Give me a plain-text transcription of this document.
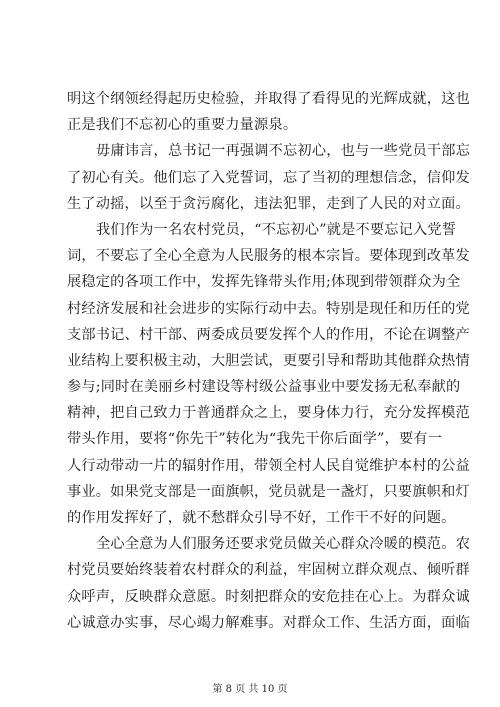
明这个纲领经得起历史检验，并取得了看得见的光辉成就，这也
正是我们不忘初心的重要力量源泉。

毋庸讳言，总书记一再强调不忘初心，也与一些党员干部忘
了初心有关。他们忘了入党誓词，忘了当初的理想信念，信仰发
生了动摇，以至于贪污腐化，违法犯罪，走到了人民的对立面。

我们作为一名农村党员，“不忘初心”就是不要忘记入党誓
词，不要忘了全心全意为人民服务的根本宗旨。要体现到改革发
展稳定的各项工作中，发挥先锋带头作用;体现到带领群众为全
村经济发展和社会进步的实际行动中去。特别是现任和历任的党
支部书记、村干部、两委成员要发挥个人的作用，不论在调整产
业结构上要积极主动，大胆尝试，更要引导和帮助其他群众热情
参与;同时在美丽乡村建设等村级公益事业中要发扬无私奉献的
精神，把自己致力于普通群众之上，要身体力行，充分发挥模范
带头作用，要将“你先干”转化为“我先干你后面学”，要有一
人行动带动一片的辐射作用，带领全村人民自觉维护本村的公益
事业。如果党支部是一面旗帜，党员就是一盏灯，只要旗帜和灯
的作用发挥好了，就不愁群众引导不好，工作干不好的问题。

全心全意为人们服务还要求党员做关心群众冷暖的模范。农
村党员要始终装着农村群众的利益，牢固树立群众观点、倾听群
众呼声，反映群众意愿。时刻把群众的安危挂在心上。为群众诚
心诚意办实事，尽心竭力解难事。对群众工作、生活方面，面临

第 8 页 共 10 页
